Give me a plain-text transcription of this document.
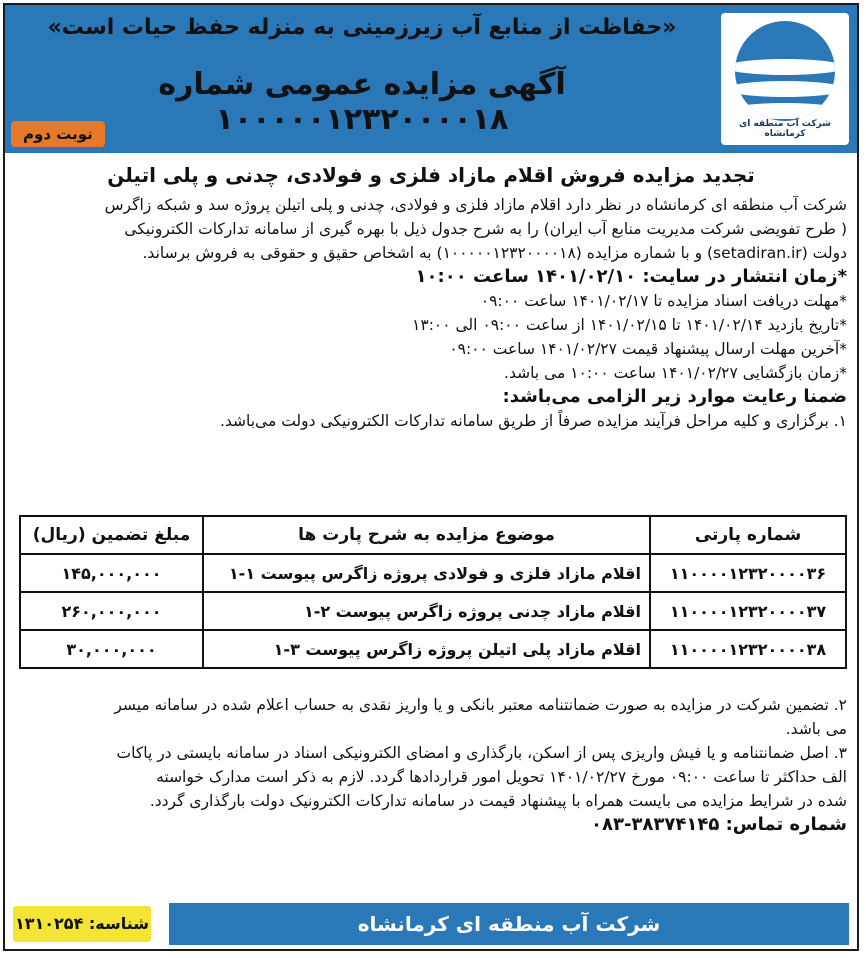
شرکت آب منطقه ای کرمانشاه
«حفاظت از منابع آب زیرزمینی به منزله حفظ حیات است»
آگهی مزایده عمومی شماره ۱۰۰۰۰۰۱۲۳۲۰۰۰۰۱۸
نوبت دوم
تجدید مزایده فروش اقلام مازاد فلزی و فولادی، چدنی و پلی اتیلن

شرکت آب منطقه ای کرمانشاه در نظر دارد اقلام مازاد فلزی و فولادی، چدنی و پلی اتیلن پروژه سد و شبکه زاگرس

( طرح تفویضی شرکت مدیریت منابع آب ایران) را به شرح جدول ذیل با بهره گیری از سامانه تدارکات الکترونیکی

دولت (setadiran.ir) و با شماره مزایده (۱۰۰۰۰۰۱۲۳۲۰۰۰۰۱۸) به اشخاص حقیق و حقوقی به فروش برساند.

*زمان انتشار در سایت: ۱۴۰۱/۰۲/۱۰ ساعت ۱۰:۰۰

*مهلت دریافت اسناد مزایده تا ۱۴۰۱/۰۲/۱۷ ساعت ۰۹:۰۰

*تاریخ بازدید ۱۴۰۱/۰۲/۱۴ تا ۱۴۰۱/۰۲/۱۵ از ساعت ۰۹:۰۰ الی ۱۳:۰۰

*آخرین مهلت ارسال پیشنهاد قیمت ۱۴۰۱/۰۲/۲۷ ساعت ۰۹:۰۰

*زمان بازگشایی ۱۴۰۱/۰۲/۲۷ ساعت ۱۰:۰۰ می باشد.

ضمنا رعایت موارد زیر الزامی می‌باشد:

۱. برگزاری و کلیه مراحل فرآیند مزایده صرفاً از طریق سامانه تدارکات الکترونیکی دولت می‌باشد.

شماره پارتی	موضوع مزایده به شرح پارت ها	مبلغ تضمین (ریال)
۱۱۰۰۰۰۱۲۳۲۰۰۰۰۳۶	اقلام مازاد فلزی و فولادی پروژه زاگرس پیوست ۱-۱	۱۴۵,۰۰۰,۰۰۰
۱۱۰۰۰۰۱۲۳۲۰۰۰۰۳۷	اقلام مازاد چدنی پروژه زاگرس پیوست ۲-۱	۲۶۰,۰۰۰,۰۰۰
۱۱۰۰۰۰۱۲۳۲۰۰۰۰۳۸	اقلام مازاد پلی اتیلن پروژه زاگرس پیوست ۳-۱	۳۰,۰۰۰,۰۰۰

۲. تضمین شرکت در مزایده به صورت ضمانتنامه معتبر بانکی و یا واریز نقدی به حساب اعلام شده در سامانه میسر

می باشد.

۳. اصل ضمانتنامه و یا فیش واریزی پس از اسکن، بارگذاری و امضای الکترونیکی اسناد در سامانه بایستی در پاکات

الف حداکثر تا ساعت ۰۹:۰۰ مورخ ۱۴۰۱/۰۲/۲۷ تحویل امور قراردادها گردد. لازم به ذکر است مدارک خواسته

شده در شرایط مزایده می بایست همراه با پیشنهاد قیمت در سامانه تدارکات الکترونیک دولت بارگذاری گردد.

شماره تماس: ۳۸۳۷۴۱۴۵-۰۸۳

شرکت آب منطقه ای کرمانشاه
شناسه: ۱۳۱۰۲۵۴
